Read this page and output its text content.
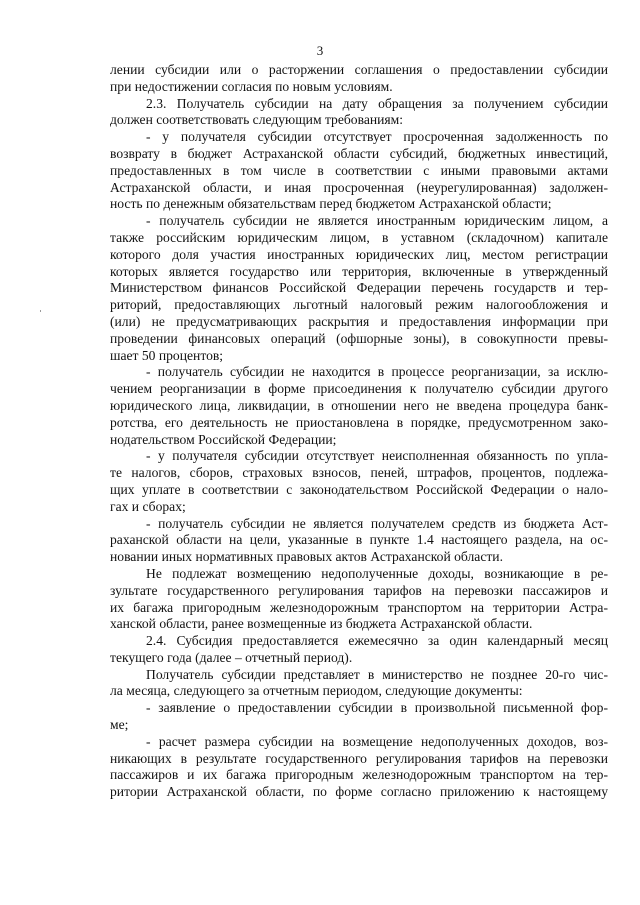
3
лении субсидии или о расторжении соглашения о предоставлении субсидии
при недостижении согласия по новым условиям.
2.3. Получатель субсидии на дату обращения за получением субсидии
должен соответствовать следующим требованиям:
- у получателя субсидии отсутствует просроченная задолженность по
возврату в бюджет Астраханской области субсидий, бюджетных инвестиций,
предоставленных в том числе в соответствии с иными правовыми актами
Астраханской области, и иная просроченная (неурегулированная) задолжен-
ность по денежным обязательствам перед бюджетом Астраханской области;
- получатель субсидии не является иностранным юридическим лицом, а
также российским юридическим лицом, в уставном (складочном) капитале
которого доля участия иностранных юридических лиц, местом регистрации
которых является государство или территория, включенные в утвержденный
Министерством финансов Российской Федерации перечень государств и тер-
риторий, предоставляющих льготный налоговый режим налогообложения и
(или) не предусматривающих раскрытия и предоставления информации при
проведении финансовых операций (офшорные зоны), в совокупности превы-
шает 50 процентов;
- получатель субсидии не находится в процессе реорганизации, за исклю-
чением реорганизации в форме присоединения к получателю субсидии другого
юридического лица, ликвидации, в отношении него не введена процедура банк-
ротства, его деятельность не приостановлена в порядке, предусмотренном зако-
нодательством Российской Федерации;
- у получателя субсидии отсутствует неисполненная обязанность по упла-
те налогов, сборов, страховых взносов, пеней, штрафов, процентов, подлежа-
щих уплате в соответствии с законодательством Российской Федерации о нало-
гах и сборах;
- получатель субсидии не является получателем средств из бюджета Аст-
раханской области на цели, указанные в пункте 1.4 настоящего раздела, на ос-
новании иных нормативных правовых актов Астраханской области.
Не подлежат возмещению недополученные доходы, возникающие в ре-
зультате государственного регулирования тарифов на перевозки пассажиров и
их багажа пригородным железнодорожным транспортом на территории Астра-
ханской области, ранее возмещенные из бюджета Астраханской области.
2.4. Субсидия предоставляется ежемесячно за один календарный месяц
текущего года (далее – отчетный период).
Получатель субсидии представляет в министерство не позднее 20-го чис-
ла месяца, следующего за отчетным периодом, следующие документы:
- заявление о предоставлении субсидии в произвольной письменной фор-
ме;
- расчет размера субсидии на возмещение недополученных доходов, воз-
никающих в результате государственного регулирования тарифов на перевозки
пассажиров и их багажа пригородным железнодорожным транспортом на тер-
ритории Астраханской области, по форме согласно приложению к настоящему
